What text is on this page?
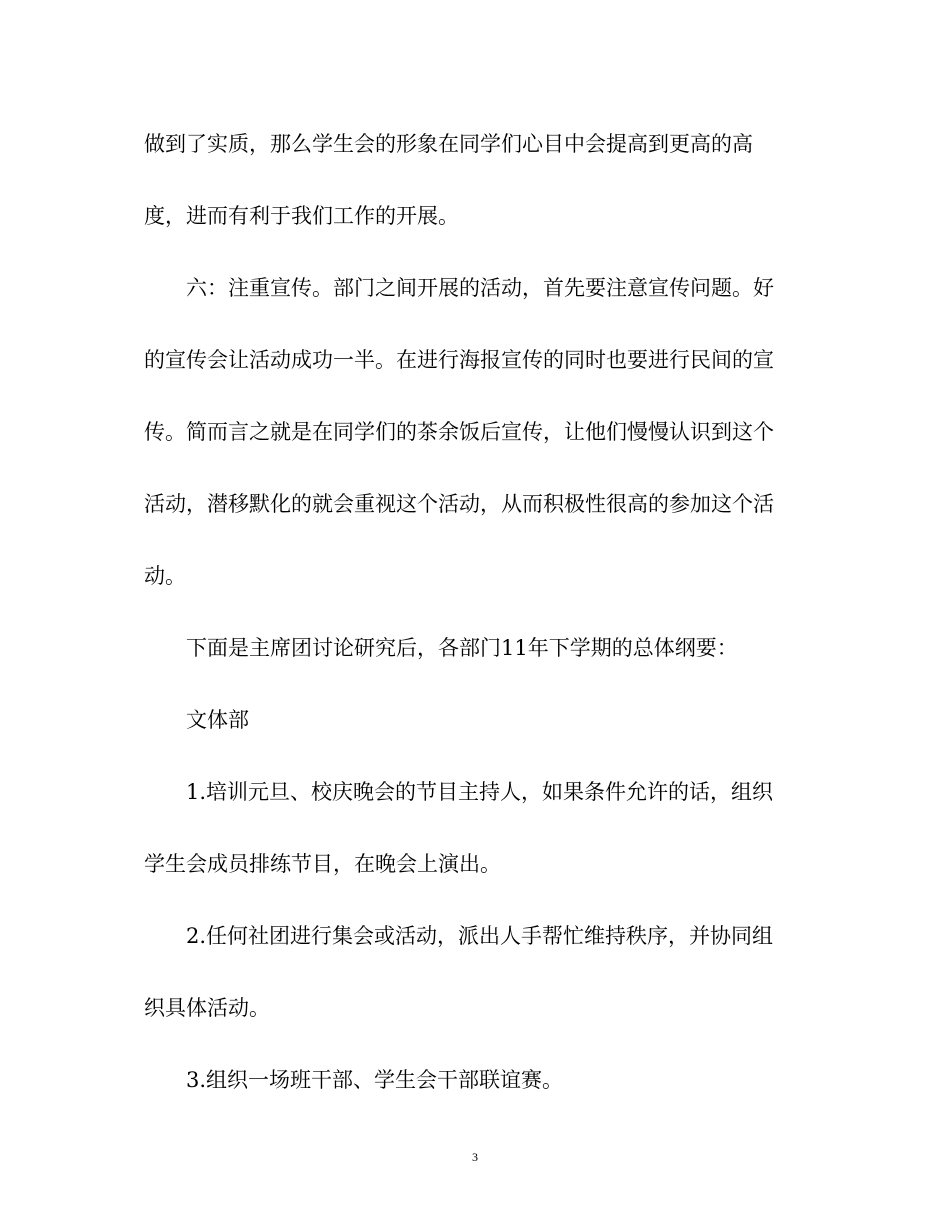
做到了实质，那么学生会的形象在同学们心目中会提高到更高的高
度，进而有利于我们工作的开展。
六：注重宣传。部门之间开展的活动，首先要注意宣传问题。好
的宣传会让活动成功一半。在进行海报宣传的同时也要进行民间的宣
传。简而言之就是在同学们的茶余饭后宣传，让他们慢慢认识到这个
活动，潜移默化的就会重视这个活动，从而积极性很高的参加这个活
动。
下面是主席团讨论研究后，各部门11年下学期的总体纲要：
文体部
1.培训元旦、校庆晚会的节目主持人，如果条件允许的话，组织
学生会成员排练节目，在晚会上演出。
2.任何社团进行集会或活动，派出人手帮忙维持秩序，并协同组
织具体活动。
3.组织一场班干部、学生会干部联谊赛。
3
